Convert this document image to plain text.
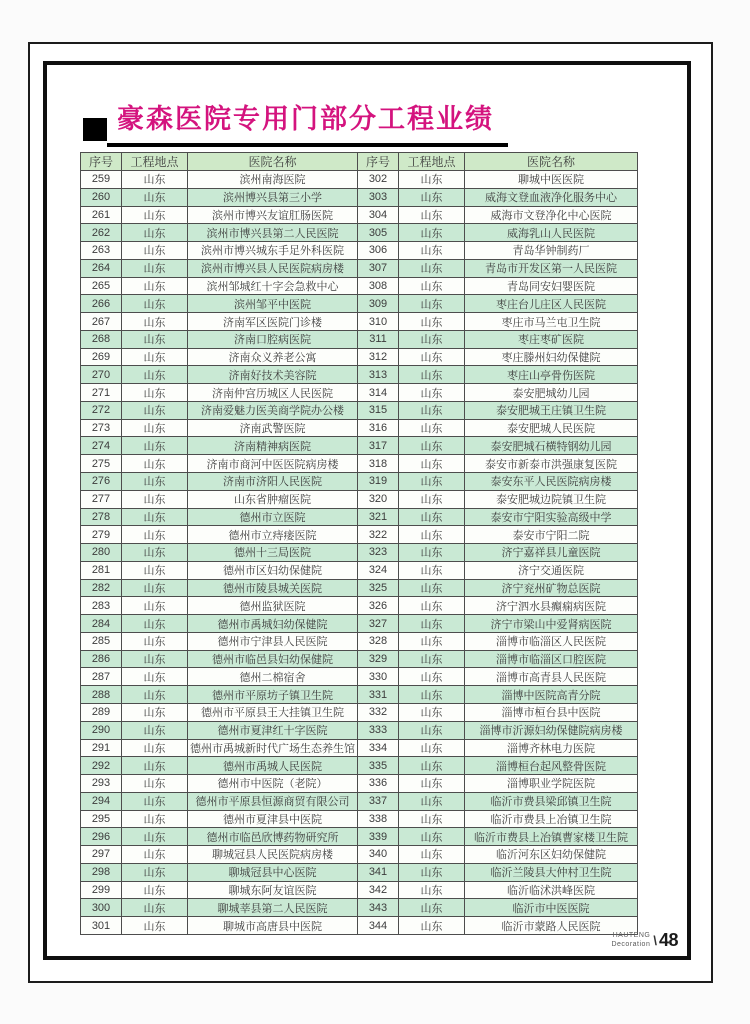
豪森医院专用门部分工程业绩
序号	工程地点	医院名称	序号	工程地点	医院名称
259	山东	滨州南海医院	302	山东	聊城中医医院
260	山东	滨州博兴县第三小学	303	山东	威海文登血液净化服务中心
261	山东	滨州市博兴友谊肛肠医院	304	山东	威海市文登净化中心医院
262	山东	滨州市博兴县第二人民医院	305	山东	威海乳山人民医院
263	山东	滨州市博兴城东手足外科医院	306	山东	青岛华钟制药厂
264	山东	滨州市博兴县人民医院病房楼	307	山东	青岛市开发区第一人民医院
265	山东	滨州邹城红十字会急救中心	308	山东	青岛同安妇婴医院
266	山东	滨州邹平中医院	309	山东	枣庄台儿庄区人民医院
267	山东	济南军区医院门诊楼	310	山东	枣庄市马兰屯卫生院
268	山东	济南口腔病医院	311	山东	枣庄枣矿医院
269	山东	济南众义养老公寓	312	山东	枣庄滕州妇幼保健院
270	山东	济南好技术美容院	313	山东	枣庄山亭骨伤医院
271	山东	济南仲宫历城区人民医院	314	山东	泰安肥城幼儿园
272	山东	济南爱魅力医美商学院办公楼	315	山东	泰安肥城王庄镇卫生院
273	山东	济南武警医院	316	山东	泰安肥城人民医院
274	山东	济南精神病医院	317	山东	泰安肥城石横特钢幼儿园
275	山东	济南市商河中医医院病房楼	318	山东	泰安市新泰市洪强康复医院
276	山东	济南市济阳人民医院	319	山东	泰安东平人民医院病房楼
277	山东	山东省肿瘤医院	320	山东	泰安肥城边院镇卫生院
278	山东	德州市立医院	321	山东	泰安市宁阳实验高级中学
279	山东	德州市立痔瘘医院	322	山东	泰安市宁阳二院
280	山东	德州十三局医院	323	山东	济宁嘉祥县儿童医院
281	山东	德州市区妇幼保健院	324	山东	济宁交通医院
282	山东	德州市陵县城关医院	325	山东	济宁兖州矿物总医院
283	山东	德州监狱医院	326	山东	济宁泗水县癫痫病医院
284	山东	德州市禹城妇幼保健院	327	山东	济宁市梁山中爱肾病医院
285	山东	德州市宁津县人民医院	328	山东	淄博市临淄区人民医院
286	山东	德州市临邑县妇幼保健院	329	山东	淄博市临淄区口腔医院
287	山东	德州二棉宿舍	330	山东	淄博市高青县人民医院
288	山东	德州市平原坊子镇卫生院	331	山东	淄博中医院高青分院
289	山东	德州市平原县王大挂镇卫生院	332	山东	淄博市桓台县中医院
290	山东	德州市夏津红十字医院	333	山东	淄博市沂源妇幼保健院病房楼
291	山东	德州市禹城新时代广场生态养生馆	334	山东	淄博齐林电力医院
292	山东	德州市禹城人民医院	335	山东	淄博桓台起风整骨医院
293	山东	德州市中医院（老院）	336	山东	淄博职业学院医院
294	山东	德州市平原县恒源商贸有限公司	337	山东	临沂市费县梁邱镇卫生院
295	山东	德州市夏津县中医院	338	山东	临沂市费县上冶镇卫生院
296	山东	德州市临邑欣博药物研究所	339	山东	临沂市费县上冶镇曹家楼卫生院
297	山东	聊城冠县人民医院病房楼	340	山东	临沂河东区妇幼保健院
298	山东	聊城冠县中心医院	341	山东	临沂兰陵县大仲村卫生院
299	山东	聊城东阿友谊医院	342	山东	临沂临沭洪峰医院
300	山东	聊城莘县第二人民医院	343	山东	临沂市中医医院
301	山东	聊城市高唐县中医院	344	山东	临沂市蒙路人民医院
HAUTENG
Decoration \ 48
